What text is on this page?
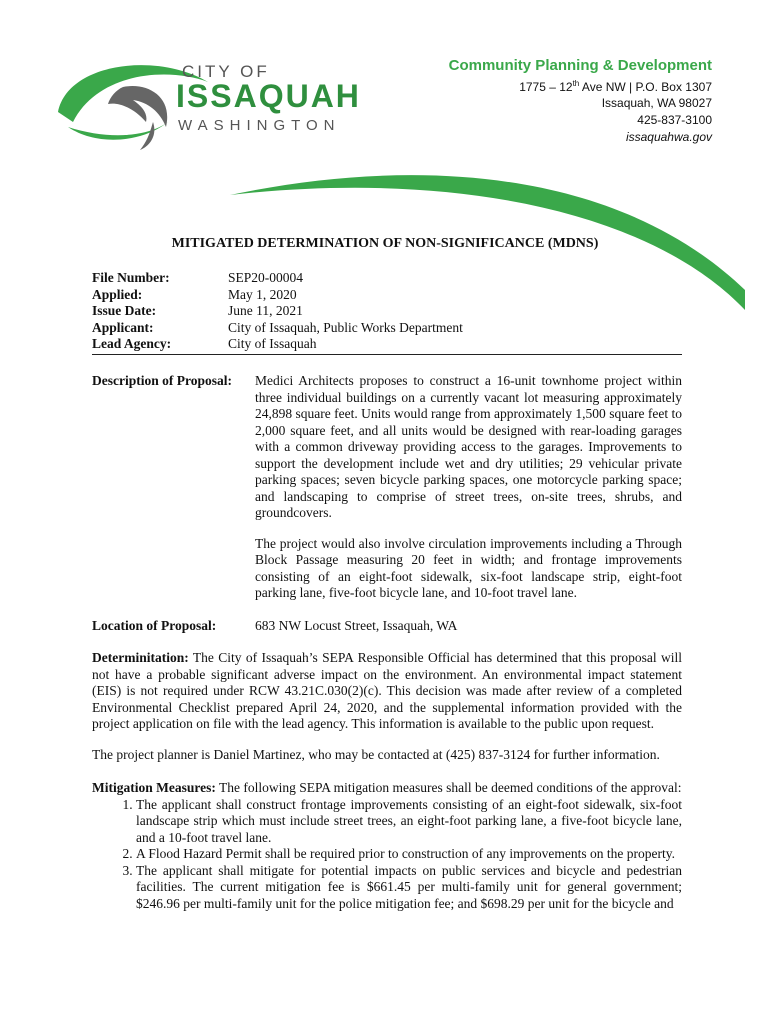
CITY OF
ISSAQUAH
WASHINGTON
Community Planning & Development
1775 – 12th Ave NW | P.O. Box 1307
Issaquah, WA 98027
425-837-3100
issaquahwa.gov
MITIGATED DETERMINATION OF NON-SIGNIFICANCE (MDNS)
File Number:	SEP20-00004
Applied:	May 1, 2020
Issue Date:	June 11, 2021
Applicant:	City of Issaquah, Public Works Department
Lead Agency:	City of Issaquah
Description of Proposal:	Medici Architects proposes to construct a 16-unit townhome project within three individual buildings on a currently vacant lot measuring approximately 24,898 square feet. Units would range from approximately 1,500 square feet to 2,000 square feet, and all units would be designed with rear-loading garages with a common driveway providing access to the garages. Improvements to support the development include wet and dry utilities; 29 vehicular private parking spaces; seven bicycle parking spaces, one motorcycle parking space; and landscaping to comprise of street trees, on-site trees, shrubs, and groundcovers.

The project would also involve circulation improvements including a Through Block Passage measuring 20 feet in width; and frontage improvements consisting of an eight-foot sidewalk, six-foot landscape strip, eight-foot parking lane, five-foot bicycle lane, and 10-foot travel lane.

Location of Proposal:	683 NW Locust Street, Issaquah, WA
Determinitation: The City of Issaquah’s SEPA Responsible Official has determined that this proposal will not have a probable significant adverse impact on the environment. An environmental impact statement (EIS) is not required under RCW 43.21C.030(2)(c). This decision was made after review of a completed Environmental Checklist prepared April 24, 2020, and the supplemental information provided with the project application on file with the lead agency. This information is available to the public upon request.
The project planner is Daniel Martinez, who may be contacted at (425) 837-3124 for further information.
Mitigation Measures: The following SEPA mitigation measures shall be deemed conditions of the approval:
1. The applicant shall construct frontage improvements consisting of an eight-foot sidewalk, six-foot landscape strip which must include street trees, an eight-foot parking lane, a five-foot bicycle lane, and a 10-foot travel lane.
2. A Flood Hazard Permit shall be required prior to construction of any improvements on the property.
3. The applicant shall mitigate for potential impacts on public services and bicycle and pedestrian facilities. The current mitigation fee is $661.45 per multi-family unit for general government; $246.96 per multi-family unit for the police mitigation fee; and $698.29 per unit for the bicycle and
